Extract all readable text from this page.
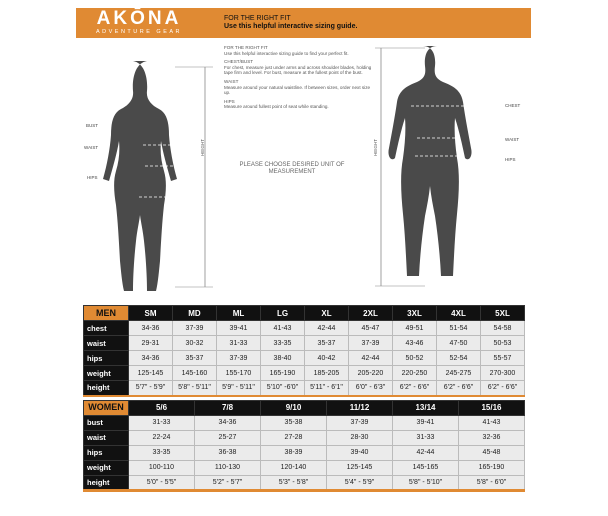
AKŌNA
ADVENTURE GEAR
FOR THE RIGHT FIT
Use this helpful interactive sizing guide.

FOR THE RIGHT FIT
Use this helpful interactive sizing guide to find your perfect fit.

CHEST/BUST
For chest, measure just under arms and across shoulder blades, holding tape firm and level. For bust, measure at the fullest point of the bust.

WAIST
Measure around your natural waistline. If between sizes, order next size up.

HIPS
Measure around fullest point of seat while standing.

PLEASE CHOOSE DESIRED UNIT OF MEASUREMENT
BUST
WAIST
HIPS
HEIGHT
CHEST
WAIST
HIPS
HEIGHT
MEN	SM	MD	ML	LG	XL	2XL	3XL	4XL	5XL
chest	34-36	37-39	39-41	41-43	42-44	45-47	49-51	51-54	54-58
waist	29-31	30-32	31-33	33-35	35-37	37-39	43-46	47-50	50-53
hips	34-36	35-37	37-39	38-40	40-42	42-44	50-52	52-54	55-57
weight	125-145	145-160	155-170	165-190	185-205	205-220	220-250	245-275	270-300
height	5'7" - 5'9"	5'8" - 5'11"	5'9" - 5'11"	5'10" -6'0"	5'11" - 6'1"	6'0" - 6'3"	6'2" - 6'6"	6'2" - 6'6"	6'2" - 6'6"
WOMEN	5/6	7/8	9/10	11/12	13/14	15/16
bust	31-33	34-36	35-38	37-39	39-41	41-43
waist	22-24	25-27	27-28	28-30	31-33	32-36
hips	33-35	36-38	38-39	39-40	42-44	45-48
weight	100-110	110-130	120-140	125-145	145-165	165-190
height	5'0" - 5'5"	5'2" - 5'7"	5'3" - 5'8"	5'4" - 5'9"	5'8" - 5'10"	5'8" - 6'0"
